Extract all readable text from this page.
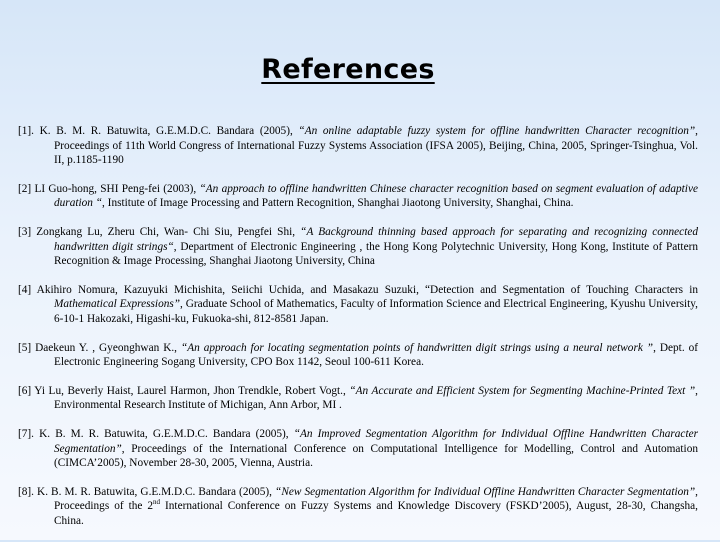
References
[1]. K. B. M. R. Batuwita, G.E.M.D.C. Bandara (2005), “An online adaptable fuzzy system for offline handwritten Character recognition”, Proceedings of 11th World Congress of International Fuzzy Systems Association (IFSA 2005), Beijing, China, 2005, Springer-Tsinghua, Vol. II, p.1185-1190
[2] LI Guo-hong, SHI Peng-fei (2003), “An approach to offline handwritten Chinese character recognition based on segment evaluation of adaptive duration “, Institute of Image Processing and Pattern Recognition, Shanghai Jiaotong University, Shanghai, China.
[3] Zongkang Lu, Zheru Chi, Wan- Chi Siu, Pengfei Shi, “A Background thinning based approach for separating and recognizing connected handwritten digit strings“, Department of Electronic Engineering , the Hong Kong Polytechnic University, Hong Kong, Institute of Pattern Recognition & Image Processing, Shanghai Jiaotong University, China
[4] Akihiro Nomura, Kazuyuki Michishita, Seiichi Uchida, and Masakazu Suzuki, “Detection and Segmentation of Touching Characters in Mathematical Expressions”, Graduate School of Mathematics, Faculty of Information Science and Electrical Engineering, Kyushu University, 6-10-1 Hakozaki, Higashi-ku, Fukuoka-shi, 812-8581 Japan.
[5] Daekeun Y. , Gyeonghwan K., “An approach for locating segmentation points of handwritten digit strings using a neural network ”, Dept. of Electronic Engineering Sogang University, CPO Box 1142, Seoul 100-611 Korea.
[6] Yi Lu, Beverly Haist, Laurel Harmon, Jhon Trendkle, Robert Vogt., “An Accurate and Efficient System for Segmenting Machine-Printed Text ”, Environmental Research Institute of Michigan, Ann Arbor, MI .
[7]. K. B. M. R. Batuwita, G.E.M.D.C. Bandara (2005), “An Improved Segmentation Algorithm for Individual Offline Handwritten Character Segmentation”, Proceedings of the International Conference on Computational Intelligence for Modelling, Control and Automation (CIMCA’2005), November 28-30, 2005, Vienna, Austria.
[8]. K. B. M. R. Batuwita, G.E.M.D.C. Bandara (2005), “New Segmentation Algorithm for Individual Offline Handwritten Character Segmentation”, Proceedings of the 2nd International Conference on Fuzzy Systems and Knowledge Discovery (FSKD’2005), August, 28-30, Changsha, China.
